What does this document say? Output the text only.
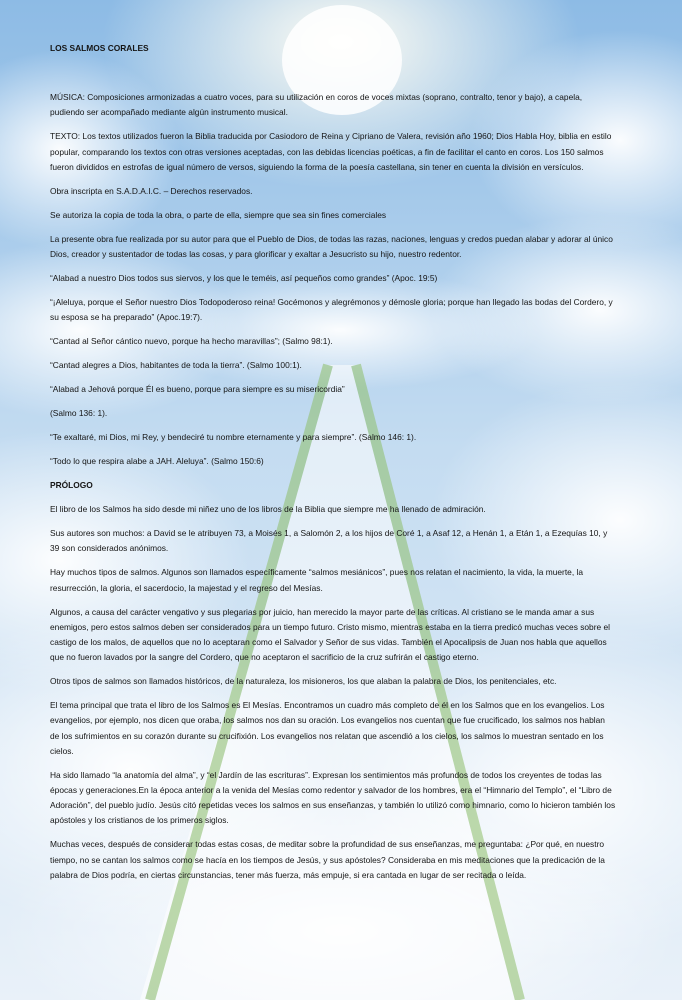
LOS SALMOS CORALES

MÚSICA: Composiciones armonizadas a cuatro voces, para su utilización en coros de voces mixtas (soprano, contralto, tenor y bajo), a capela, pudiendo ser acompañado mediante algún instrumento musical.

TEXTO: Los textos utilizados fueron la Biblia traducida por Casiodoro de Reina y Cipriano de Valera, revisión año 1960; Dios Habla Hoy, biblia en estilo popular, comparando los textos con otras versiones aceptadas, con las debidas licencias poéticas, a fin de facilitar el canto en coros. Los 150 salmos fueron divididos en estrofas de igual número de versos, siguiendo la forma de la poesía castellana, sin tener en cuenta la división en versículos.

Obra inscripta en S.A.D.A.I.C. – Derechos reservados.

Se autoriza la copia de toda la obra, o parte de ella, siempre que sea sin fines comerciales

La presente obra fue realizada por su autor para que el Pueblo de Dios, de todas las razas, naciones, lenguas y credos puedan alabar y adorar al único Dios, creador y sustentador de todas las cosas, y para glorificar y exaltar a Jesucristo su hijo, nuestro redentor.

“Alabad a nuestro Dios todos sus siervos, y los que le teméis, así pequeños como grandes” (Apoc. 19:5)

“¡Aleluya, porque el Señor nuestro Dios Todopoderoso reina! Gocémonos y alegrémonos y démosle gloria; porque han llegado las bodas del Cordero, y su esposa se ha preparado” (Apoc.19:7).

“Cantad al Señor cántico nuevo, porque ha hecho maravillas”; (Salmo 98:1).

“Cantad alegres a Dios, habitantes de toda la tierra”. (Salmo 100:1).

“Alabad a Jehová porque Él es bueno, porque para siempre es su misericordia”

(Salmo 136: 1).

“Te exaltaré, mi Dios, mi Rey, y bendeciré tu nombre eternamente y para siempre”. (Salmo 146: 1).

“Todo lo que respira alabe a JAH. Aleluya”. (Salmo 150:6)

PRÓLOGO

El libro de los Salmos ha sido desde mi niñez uno de los libros de la Biblia que siempre me ha llenado de admiración.

Sus autores son muchos: a David se le atribuyen 73, a Moisés 1, a Salomón 2, a los hijos de Coré 1, a Asaf 12, a Henán 1, a Etán 1, a Ezequías 10, y 39 son considerados anónimos.

Hay muchos tipos de salmos. Algunos son llamados específicamente “salmos mesiánicos”, pues nos relatan el nacimiento, la vida, la muerte, la resurrección, la gloria, el sacerdocio, la majestad y el regreso del Mesías.

Algunos, a causa del carácter vengativo y sus plegarias por juicio, han merecido la mayor parte de las críticas. Al cristiano se le manda amar a sus enemigos, pero estos salmos deben ser considerados para un tiempo futuro. Cristo mismo, mientras estaba en la tierra predicó muchas veces sobre el castigo de los malos, de aquellos que no lo aceptaran como el Salvador y Señor de sus vidas. También el Apocalipsis de Juan nos habla que aquellos que no fueron lavados por la sangre del Cordero, que no aceptaron el sacrificio de la cruz sufrirán el castigo eterno.

Otros tipos de salmos son llamados históricos, de la naturaleza, los misioneros, los que alaban la palabra de Dios, los penitenciales, etc.

El tema principal que trata el libro de los Salmos es El Mesías. Encontramos un cuadro más completo de él en los Salmos que en los evangelios. Los evangelios, por ejemplo, nos dicen que oraba, los salmos nos dan su oración. Los evangelios nos cuentan que fue crucificado, los salmos nos hablan de los sufrimientos en su corazón durante su crucifixión. Los evangelios nos relatan que ascendió a los cielos, los salmos lo muestran sentado en los cielos.

Ha sido llamado “la anatomía del alma”, y “el Jardín de las escrituras”. Expresan los sentimientos más profundos de todos los creyentes de todas las épocas y generaciones.En la época anterior a la venida del Mesías como redentor y salvador de los hombres, era el “Himnario del Templo”, el “Libro de Adoración”, del pueblo judío. Jesús citó repetidas veces los salmos en sus enseñanzas, y también lo utilizó como himnario, como lo hicieron también los apóstoles y los cristianos de los primeros siglos.

Muchas veces, después de considerar todas estas cosas, de meditar sobre la profundidad de sus enseñanzas, me preguntaba: ¿Por qué, en nuestro tiempo, no se cantan los salmos como se hacía en los tiempos de Jesús, y sus apóstoles? Consideraba en mis meditaciones que la predicación de la palabra de Dios podría, en ciertas circunstancias, tener más fuerza, más empuje, si era cantada en lugar de ser recitada o leída.
